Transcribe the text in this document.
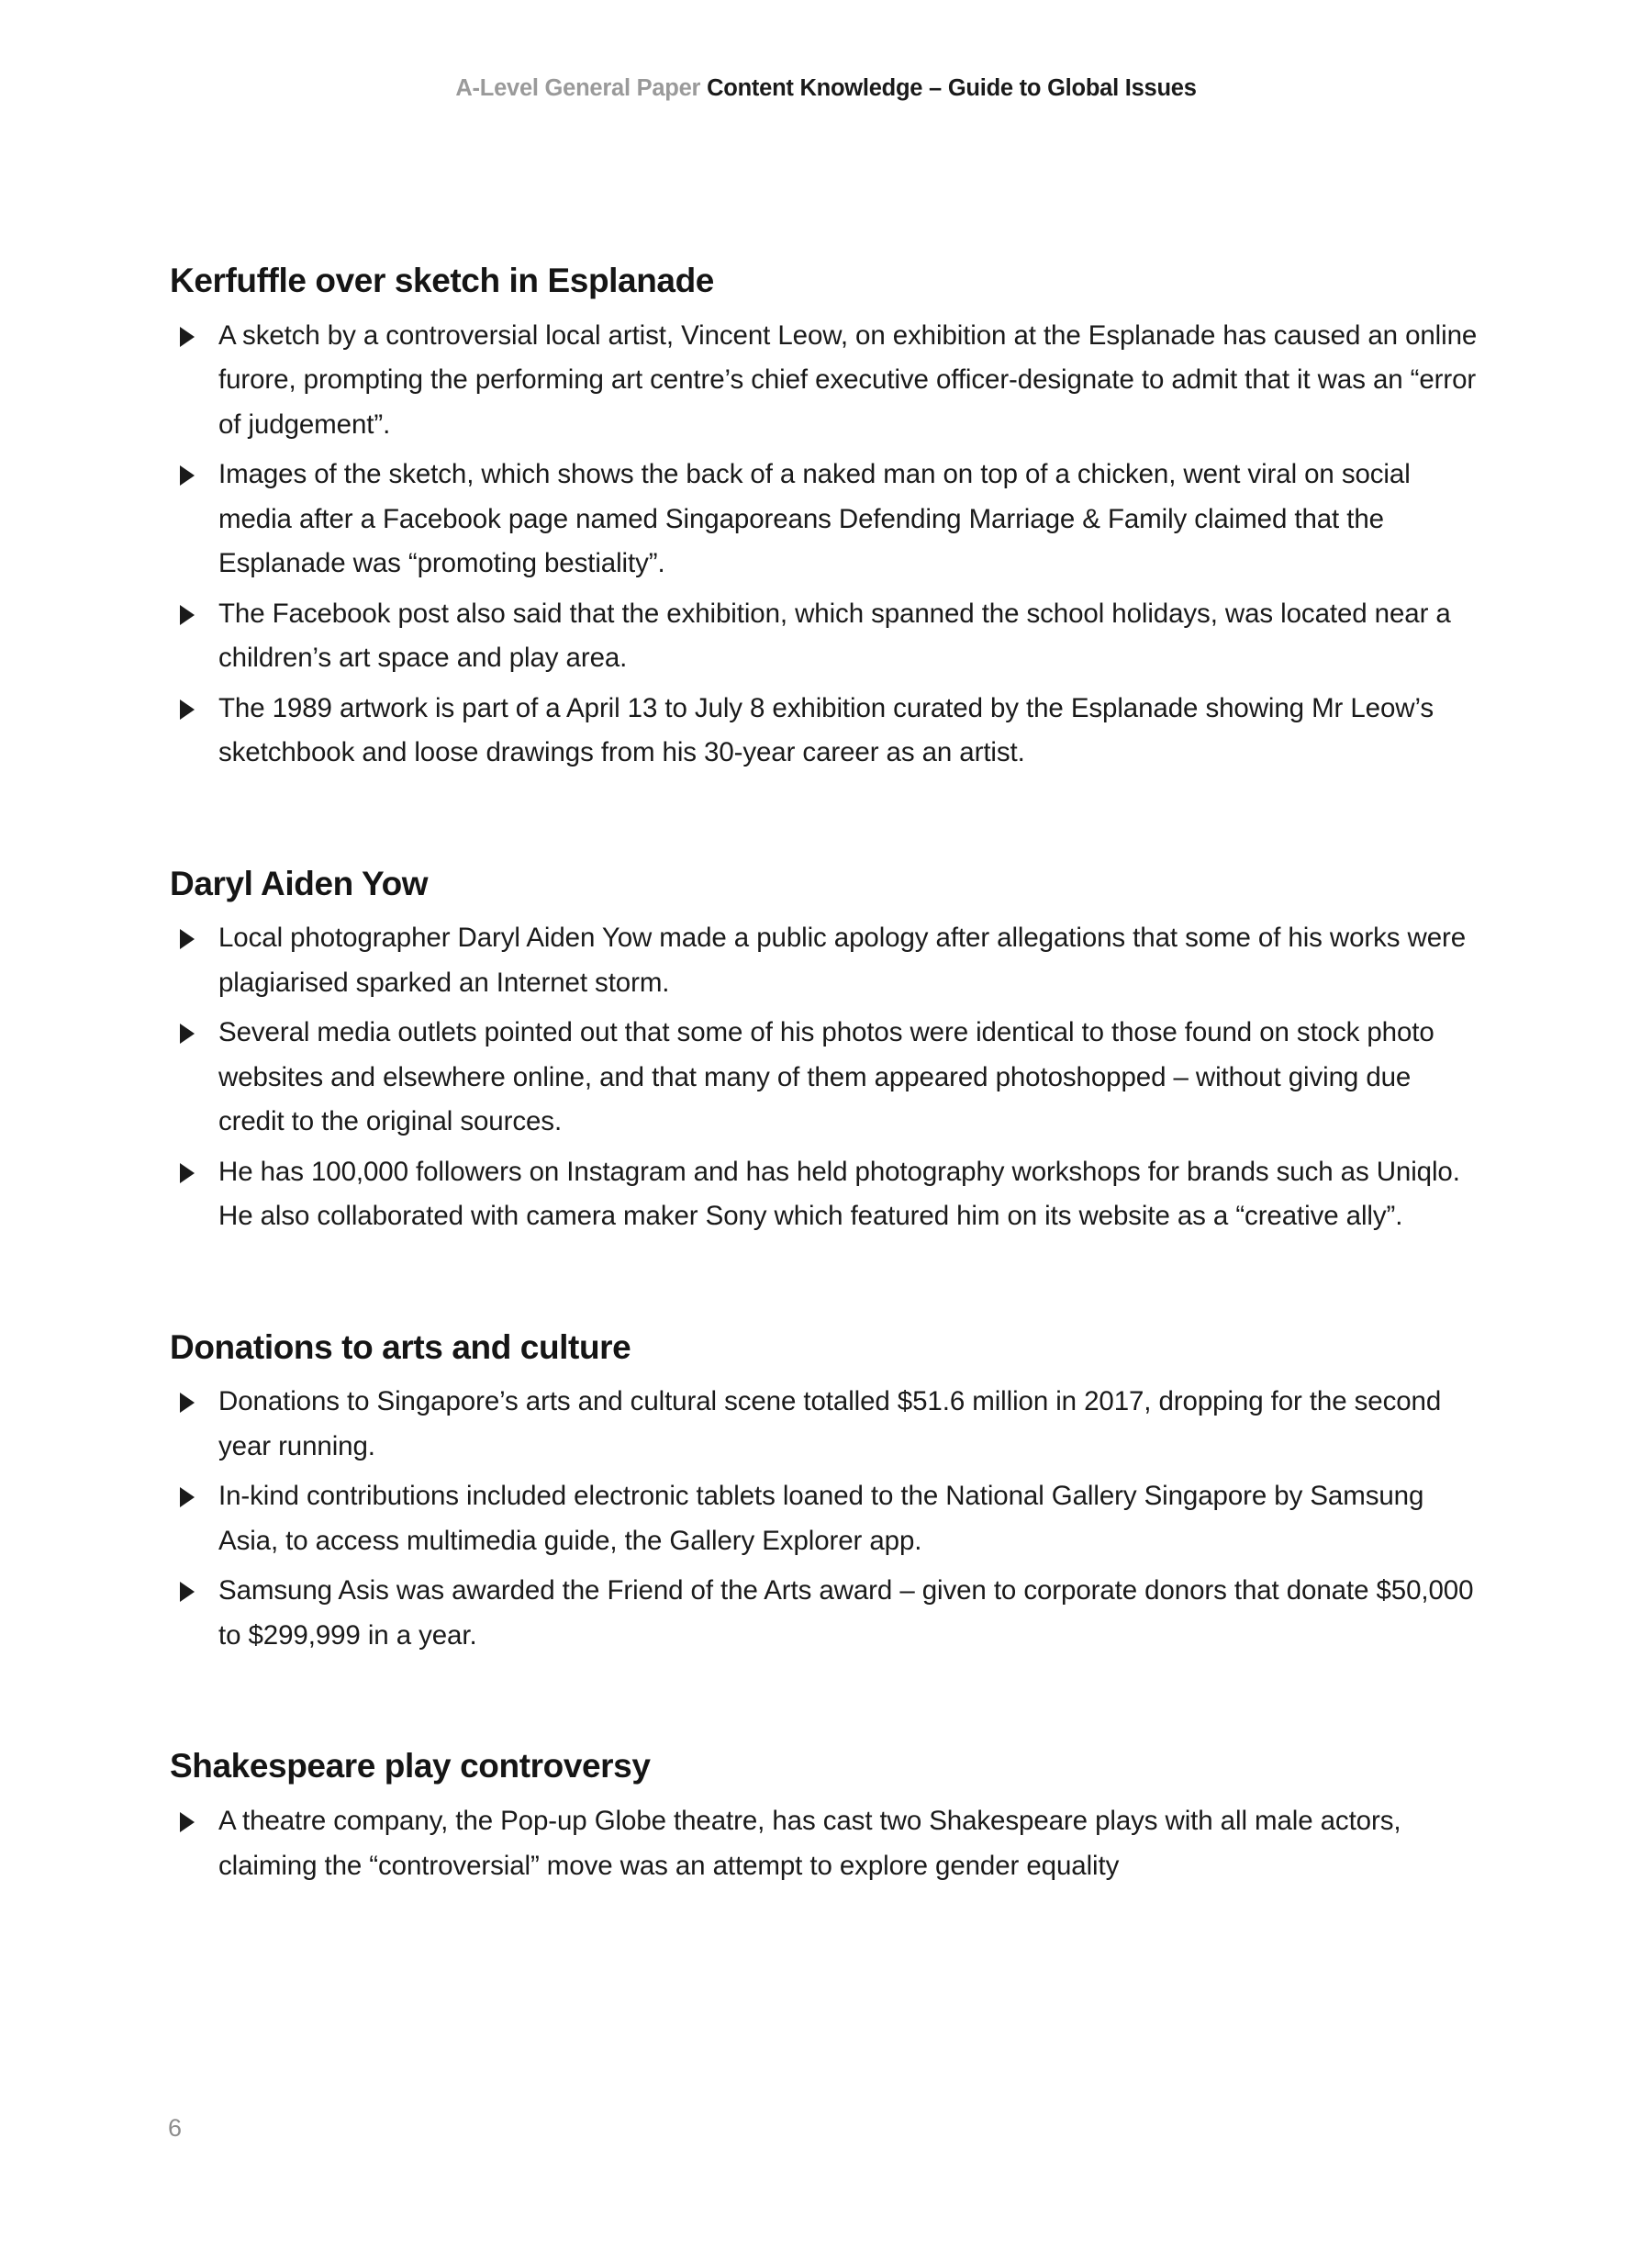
A-Level General Paper Content Knowledge – Guide to Global Issues
Kerfuffle over sketch in Esplanade
A sketch by a controversial local artist, Vincent Leow, on exhibition at the Esplanade has caused an online furore, prompting the performing art centre’s chief executive officer-designate to admit that it was an “error of judgement”.
Images of the sketch, which shows the back of a naked man on top of a chicken, went viral on social media after a Facebook page named Singaporeans Defending Marriage & Family claimed that the Esplanade was “promoting bestiality”.
The Facebook post also said that the exhibition, which spanned the school holidays, was located near a children’s art space and play area.
The 1989 artwork is part of a April 13 to July 8 exhibition curated by the Esplanade showing Mr Leow’s sketchbook and loose drawings from his 30-year career as an artist.
Daryl Aiden Yow
Local photographer Daryl Aiden Yow made a public apology after allegations that some of his works were plagiarised sparked an Internet storm.
Several media outlets pointed out that some of his photos were identical to those found on stock photo websites and elsewhere online, and that many of them appeared photoshopped – without giving due credit to the original sources.
He has 100,000 followers on Instagram and has held photography workshops for brands such as Uniqlo. He also collaborated with camera maker Sony which featured him on its website as a “creative ally”.
Donations to arts and culture
Donations to Singapore’s arts and cultural scene totalled $51.6 million in 2017, dropping for the second year running.
In-kind contributions included electronic tablets loaned to the National Gallery Singapore by Samsung Asia, to access multimedia guide, the Gallery Explorer app.
Samsung Asis was awarded the Friend of the Arts award – given to corporate donors that donate $50,000 to $299,999 in a year.
Shakespeare play controversy
A theatre company, the Pop-up Globe theatre, has cast two Shakespeare plays with all male actors, claiming the “controversial” move was an attempt to explore gender equality
6
